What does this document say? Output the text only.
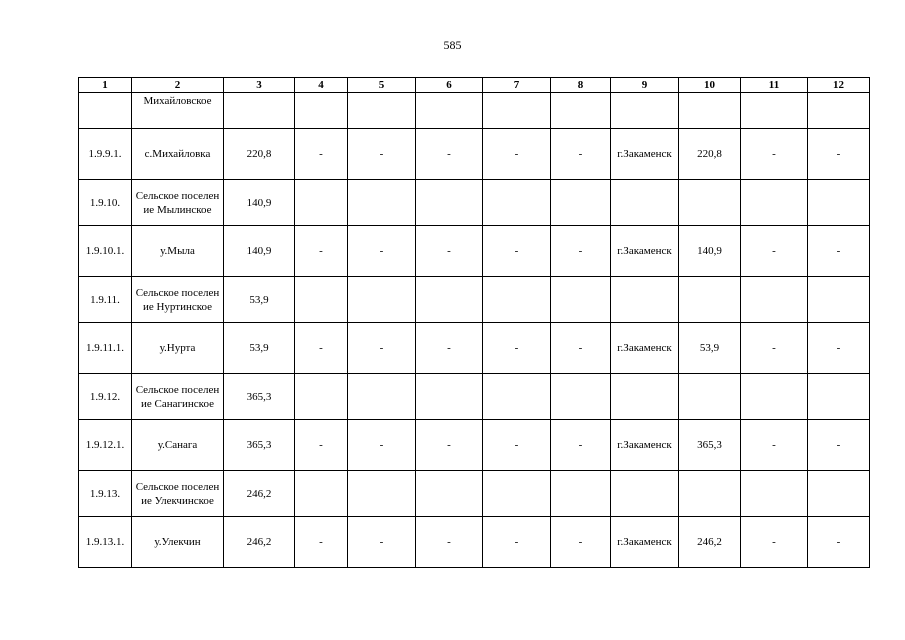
585
1	2	3	4	5	6	7	8	9	10	11	12
	Михайловское										
1.9.9.1.	с.Михайловка	220,8	-	-	-	-	-	г.Закаменск	220,8	-	-
1.9.10.	Сельское поселение Мылинское	140,9									
1.9.10.1.	у.Мыла	140,9	-	-	-	-	-	г.Закаменск	140,9	-	-
1.9.11.	Сельское поселение Нуртинское	53,9									
1.9.11.1.	у.Нурта	53,9	-	-	-	-	-	г.Закаменск	53,9	-	-
1.9.12.	Сельское поселение Санагинское	365,3									
1.9.12.1.	у.Санага	365,3	-	-	-	-	-	г.Закаменск	365,3	-	-
1.9.13.	Сельское поселение Улекчинское	246,2									
1.9.13.1.	у.Улекчин	246,2	-	-	-	-	-	г.Закаменск	246,2	-	-
